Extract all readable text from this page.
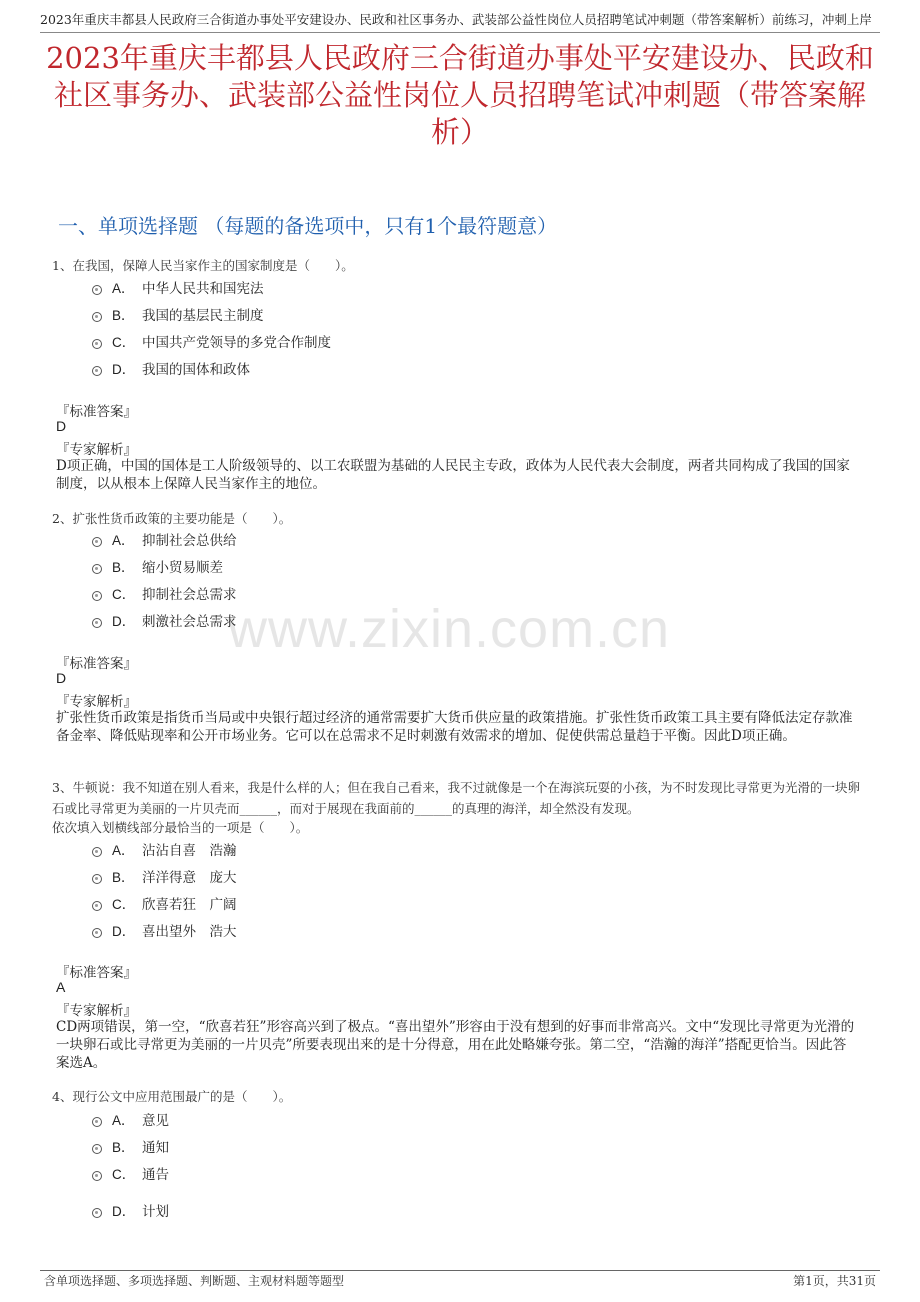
2023年重庆丰都县人民政府三合街道办事处平安建设办、民政和社区事务办、武装部公益性岗位人员招聘笔试冲刺题（带答案解析）前练习，冲刺上岸
2023年重庆丰都县人民政府三合街道办事处平安建设办、民政和社区事务办、武装部公益性岗位人员招聘笔试冲刺题（带答案解析）
一、单项选择题 （每题的备选项中，只有1个最符题意）
www.zixin.com.cn
1、在我国，保障人民当家作主的国家制度是（　　）。
A． 中华人民共和国宪法
B． 我国的基层民主制度
C． 中国共产党领导的多党合作制度
D． 我国的国体和政体
『标准答案』
D
『专家解析』
D项正确，中国的国体是工人阶级领导的、以工农联盟为基础的人民民主专政，政体为人民代表大会制度，两者共同构成了我国的国家制度，以从根本上保障人民当家作主的地位。
2、扩张性货币政策的主要功能是（　　）。
A． 抑制社会总供给
B． 缩小贸易顺差
C． 抑制社会总需求
D． 刺激社会总需求
『标准答案』
D
『专家解析』
扩张性货币政策是指货币当局或中央银行超过经济的通常需要扩大货币供应量的政策措施。扩张性货币政策工具主要有降低法定存款准备金率、降低贴现率和公开市场业务。它可以在总需求不足时刺激有效需求的增加、促使供需总量趋于平衡。因此D项正确。
3、牛顿说：我不知道在别人看来，我是什么样的人；但在我自己看来，我不过就像是一个在海滨玩耍的小孩，为不时发现比寻常更为光滑的一块卵石或比寻常更为美丽的一片贝壳而______，而对于展现在我面前的______的真理的海洋，却全然没有发现。
依次填入划横线部分最恰当的一项是（　　）。
A． 沾沾自喜　浩瀚
B． 洋洋得意　庞大
C． 欣喜若狂　广阔
D． 喜出望外　浩大
『标准答案』
A
『专家解析』
CD两项错误，第一空，“欣喜若狂”形容高兴到了极点。“喜出望外”形容由于没有想到的好事而非常高兴。文中“发现比寻常更为光滑的一块卵石或比寻常更为美丽的一片贝壳”所要表现出来的是十分得意，用在此处略嫌夸张。第二空，“浩瀚的海洋”搭配更恰当。因此答案选A。
4、现行公文中应用范围最广的是（　　）。
A． 意见
B． 通知
C． 通告
D． 计划
含单项选择题、多项选择题、判断题、主观材料题等题型	第1页，共31页
